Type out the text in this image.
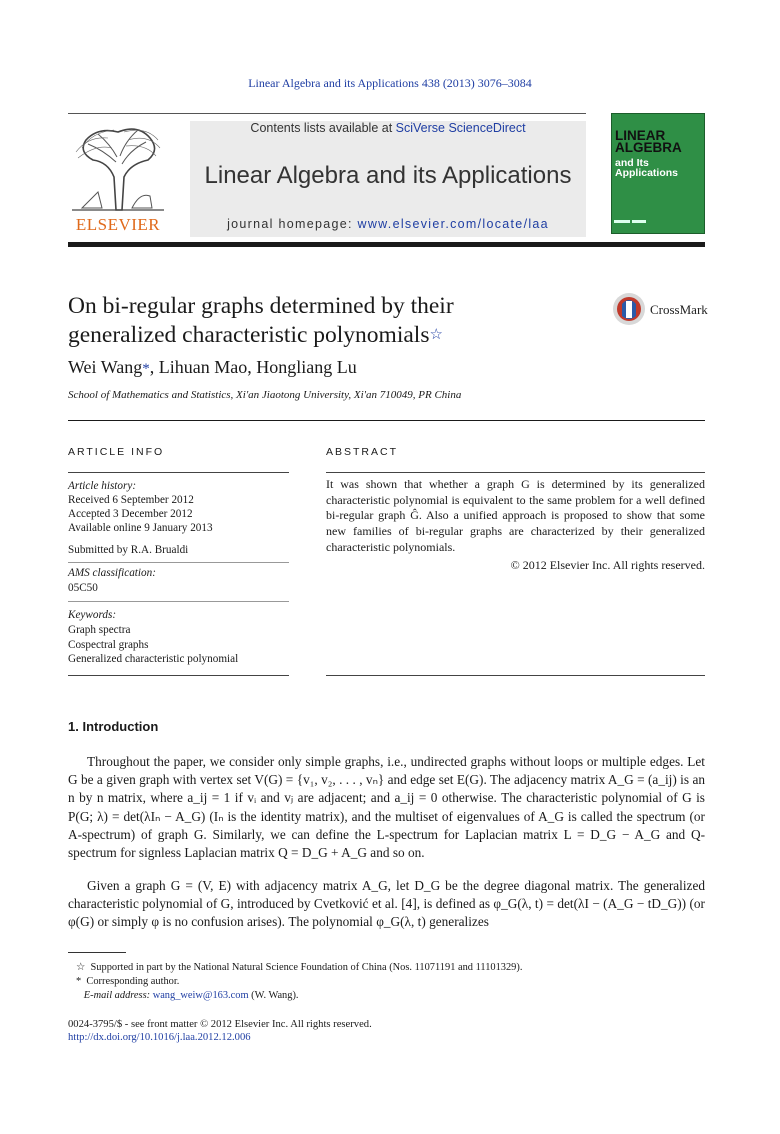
Linear Algebra and its Applications 438 (2013) 3076–3084
ELSEVIER
Contents lists available at SciVerse ScienceDirect
Linear Algebra and its Applications
journal homepage: www.elsevier.com/locate/laa
LINEAR
ALGEBRA
and Its
Applications
On bi-regular graphs determined by their
generalized characteristic polynomials☆
CrossMark
Wei Wang*, Lihuan Mao, Hongliang Lu
School of Mathematics and Statistics, Xi'an Jiaotong University, Xi'an 710049, PR China
ARTICLE INFO	ABSTRACT
Article history:
Received 6 September 2012
Accepted 3 December 2012
Available online 9 January 2013
Submitted by R.A. Brualdi
AMS classification:
05C50
Keywords:
Graph spectra
Cospectral graphs
Generalized characteristic polynomial
It was shown that whether a graph G is determined by its generalized characteristic polynomial is equivalent to the same problem for a well defined bi-regular graph Ĝ. Also a unified approach is proposed to show that some new families of bi-regular graphs are characterized by their generalized characteristic polynomials.
© 2012 Elsevier Inc. All rights reserved.
1. Introduction
Throughout the paper, we consider only simple graphs, i.e., undirected graphs without loops or multiple edges. Let G be a given graph with vertex set V(G) = {v₁, v₂, . . . , vₙ} and edge set E(G). The adjacency matrix A_G = (a_ij) is an n by n matrix, where a_ij = 1 if vᵢ and vⱼ are adjacent; and a_ij = 0 otherwise. The characteristic polynomial of G is P(G; λ) = det(λIₙ − A_G) (Iₙ is the identity matrix), and the multiset of eigenvalues of A_G is called the spectrum (or A-spectrum) of graph G. Similarly, we can define the L-spectrum for Laplacian matrix L = D_G − A_G and Q-spectrum for signless Laplacian matrix Q = D_G + A_G and so on.
Given a graph G = (V, E) with adjacency matrix A_G, let D_G be the degree diagonal matrix. The generalized characteristic polynomial of G, introduced by Cvetković et al. [4], is defined as φ_G(λ, t) = det(λI − (A_G − tD_G)) (or φ(G) or simply φ is no confusion arises). The polynomial φ_G(λ, t) generalizes
☆ Supported in part by the National Natural Science Foundation of China (Nos. 11071191 and 11101329).
* Corresponding author.
E-mail address: wang_weiw@163.com (W. Wang).
0024-3795/$ - see front matter © 2012 Elsevier Inc. All rights reserved.
http://dx.doi.org/10.1016/j.laa.2012.12.006
